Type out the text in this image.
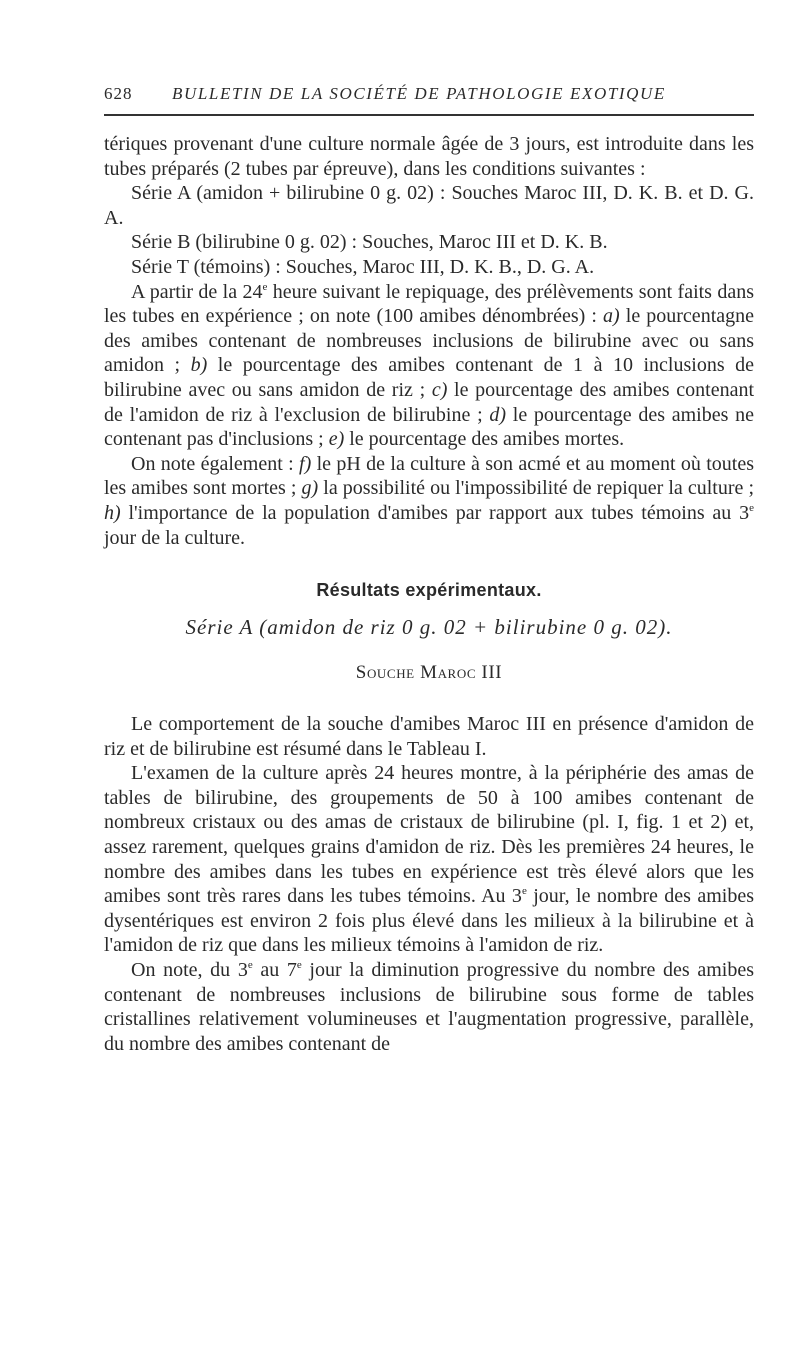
628 BULLETIN DE LA SOCIÉTÉ DE PATHOLOGIE EXOTIQUE

tériques provenant d'une culture normale âgée de 3 jours, est introduite dans les tubes préparés (2 tubes par épreuve), dans les conditions suivantes :

Série A (amidon + bilirubine 0 g. 02) : Souches Maroc III, D. K. B. et D. G. A.

Série B (bilirubine 0 g. 02) : Souches, Maroc III et D. K. B.

Série T (témoins) : Souches, Maroc III, D. K. B., D. G. A.

A partir de la 24e heure suivant le repiquage, des prélèvements sont faits dans les tubes en expérience ; on note (100 amibes dénombrées) : a) le pourcentagne des amibes contenant de nombreuses inclusions de bilirubine avec ou sans amidon ; b) le pourcentage des amibes contenant de 1 à 10 inclusions de bilirubine avec ou sans amidon de riz ; c) le pourcentage des amibes contenant de l'amidon de riz à l'exclusion de bilirubine ; d) le pourcentage des amibes ne contenant pas d'inclusions ; e) le pourcentage des amibes mortes.

On note également : f) le pH de la culture à son acmé et au moment où toutes les amibes sont mortes ; g) la possibilité ou l'impossibilité de repiquer la culture ; h) l'importance de la population d'amibes par rapport aux tubes témoins au 3e jour de la culture.

Résultats expérimentaux.
Série A (amidon de riz 0 g. 02 + bilirubine 0 g. 02).
Souche Maroc III

Le comportement de la souche d'amibes Maroc III en présence d'amidon de riz et de bilirubine est résumé dans le Tableau I.

L'examen de la culture après 24 heures montre, à la périphérie des amas de tables de bilirubine, des groupements de 50 à 100 amibes contenant de nombreux cristaux ou des amas de cristaux de bilirubine (pl. I, fig. 1 et 2) et, assez rarement, quelques grains d'amidon de riz. Dès les premières 24 heures, le nombre des amibes dans les tubes en expérience est très élevé alors que les amibes sont très rares dans les tubes témoins. Au 3e jour, le nombre des amibes dysentériques est environ 2 fois plus élevé dans les milieux à la bilirubine et à l'amidon de riz que dans les milieux témoins à l'amidon de riz.

On note, du 3e au 7e jour la diminution progressive du nombre des amibes contenant de nombreuses inclusions de bilirubine sous forme de tables cristallines relativement volumineuses et l'augmentation progressive, parallèle, du nombre des amibes contenant de
